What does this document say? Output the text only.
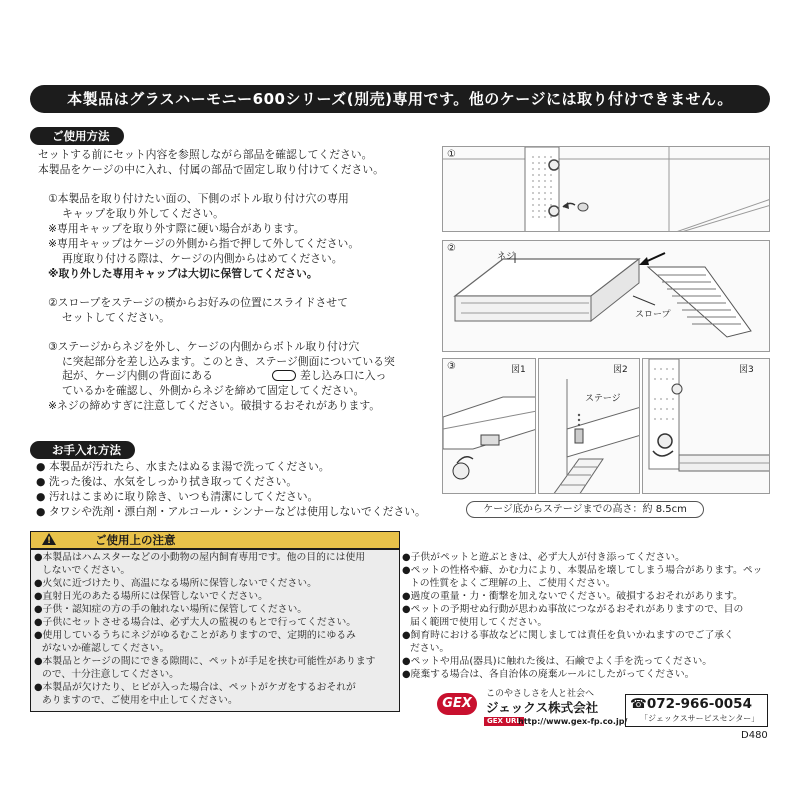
本製品はグラスハーモニー600シリーズ(別売)専用です。他のケージには取り付けできません。
ご使用方法
セットする前にセット内容を参照しながら部品を確認してください。
本製品をケージの中に入れ、付属の部品で固定し取り付けてください。
①本製品を取り付けたい面の、下側のボトル取り付け穴の専用
キャップを取り外してください。
※専用キャップを取り外す際に硬い場合があります。
※専用キャップはケージの外側から指で押して外してください。
再度取り付ける際は、ケージの内側からはめてください。
※取り外した専用キャップは大切に保管してください。
②スロープをステージの横からお好みの位置にスライドさせて
セットしてください。
③ステージからネジを外し、ケージの内側からボトル取り付け穴
に突起部分を差し込みます。このとき、ステージ側面についている突起が、ケージ内側の背面にある	差し込み口に入っ
ているかを確認し、外側からネジを締めて固定してください。
※ネジの締めすぎに注意してください。破損するおそれがあります。
お手入れ方法
● 本製品が汚れたら、水またはぬるま湯で洗ってください。
● 洗った後は、水気をしっかり拭き取ってください。
● 汚れはこまめに取り除き、いつも清潔にしてください。
● タワシや洗剤・漂白剤・アルコール・シンナーなどは使用しないでください。
①
②
ネジ
スロープ
③	図1	図2
ステージ
図3
ケージ底からステージまでの高さ：約 8.5cm
ご使用上の注意
!
●本製品はハムスターなどの小動物の屋内飼育専用です。他の目的には使用
しないでください。
●火気に近づけたり、高温になる場所に保管しないでください。
●直射日光のあたる場所には保管しないでください。
●子供・認知症の方の手の触れない場所に保管してください。
●子供にセットさせる場合は、必ず大人の監視のもとで行ってください。
●使用しているうちにネジがゆるむことがありますので、定期的にゆるみ
がないか確認してください。
●本製品とケージの間にできる隙間に、ペットが手足を挟む可能性があります
ので、十分注意してください。
●本製品が欠けたり、ヒビが入った場合は、ペットがケガをするおそれが
ありますので、ご使用を中止してください。
●子供がペットと遊ぶときは、必ず大人が付き添ってください。
●ペットの性格や癖、かむ力により、本製品を壊してしまう場合があります。ペッ
トの性質をよくご理解の上、ご使用ください。
●過度の重量・力・衝撃を加えないでください。破損するおそれがあります。
●ペットの予期せぬ行動が思わぬ事故につながるおそれがありますので、目の
届く範囲で使用してください。
●飼育時における事故などに関しましては責任を負いかねますのでご了承く
ださい。
●ペットや用品(器具)に触れた後は、石鹸でよく手を洗ってください。
●廃棄する場合は、各自治体の廃棄ルールにしたがってください。
GEX
このやさしさを人と社会へ
ジェックス株式会社
GEX URL
http://www.gex-fp.co.jp/
☎072-966-0054
「ジェックスサービスセンター」
D480
